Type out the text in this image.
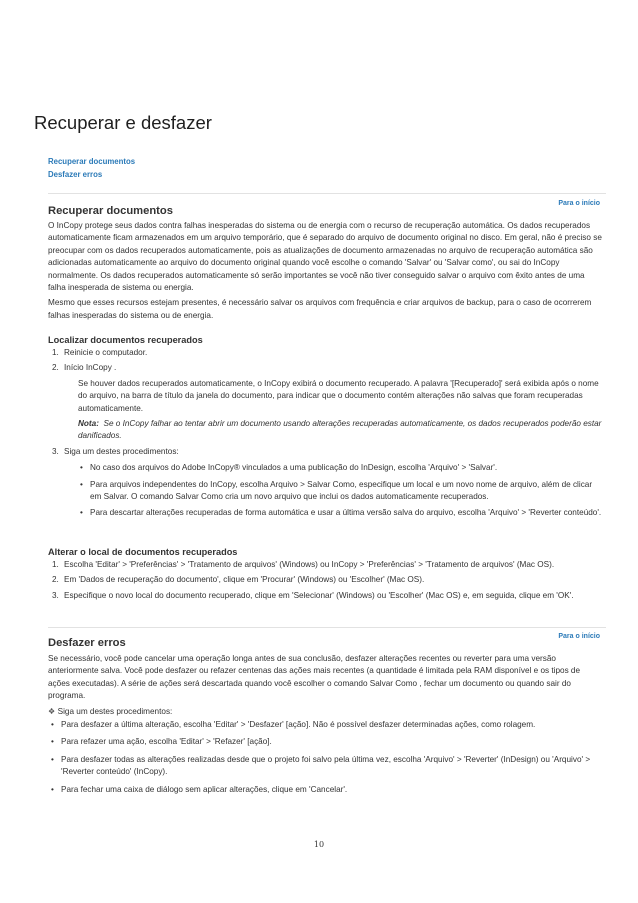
Recuperar e desfazer
Recuperar documentos
Desfazer erros
Para o início
Recuperar documentos

O InCopy protege seus dados contra falhas inesperadas do sistema ou de energia com o recurso de recuperação automática. Os dados recuperados automaticamente ficam armazenados em um arquivo temporário, que é separado do arquivo de documento original no disco. Em geral, não é preciso se preocupar com os dados recuperados automaticamente, pois as atualizações de documento armazenadas no arquivo de recuperação automática são adicionadas automaticamente ao arquivo do documento original quando você escolhe o comando 'Salvar' ou 'Salvar como', ou sai do InCopy normalmente. Os dados recuperados automaticamente só serão importantes se você não tiver conseguido salvar o arquivo com êxito antes de uma falha inesperada de sistema ou energia.

Mesmo que esses recursos estejam presentes, é necessário salvar os arquivos com frequência e criar arquivos de backup, para o caso de ocorrerem falhas inesperadas do sistema ou de energia.

Localizar documentos recuperados
1. Reinicie o computador.
2. Início InCopy .
Se houver dados recuperados automaticamente, o InCopy exibirá o documento recuperado. A palavra '[Recuperado]' será exibida após o nome do arquivo, na barra de título da janela do documento, para indicar que o documento contém alterações não salvas que foram recuperadas automaticamente.
Nota: Se o InCopy falhar ao tentar abrir um documento usando alterações recuperadas automaticamente, os dados recuperados poderão estar danificados.
3. Siga um destes procedimentos:
• No caso dos arquivos do Adobe InCopy® vinculados a uma publicação do InDesign, escolha 'Arquivo' > 'Salvar'.
• Para arquivos independentes do InCopy, escolha Arquivo > Salvar Como, especifique um local e um novo nome de arquivo, além de clicar em Salvar. O comando Salvar Como cria um novo arquivo que inclui os dados automaticamente recuperados.
• Para descartar alterações recuperadas de forma automática e usar a última versão salva do arquivo, escolha 'Arquivo' > 'Reverter conteúdo'.
Alterar o local de documentos recuperados
1. Escolha 'Editar' > 'Preferências' > 'Tratamento de arquivos' (Windows) ou InCopy > 'Preferências' > 'Tratamento de arquivos' (Mac OS).
2. Em 'Dados de recuperação do documento', clique em 'Procurar' (Windows) ou 'Escolher' (Mac OS).
3. Especifique o novo local do documento recuperado, clique em 'Selecionar' (Windows) ou 'Escolher' (Mac OS) e, em seguida, clique em 'OK'.
Para o início
Desfazer erros

Se necessário, você pode cancelar uma operação longa antes de sua conclusão, desfazer alterações recentes ou reverter para uma versão anteriormente salva. Você pode desfazer ou refazer centenas das ações mais recentes (a quantidade é limitada pela RAM disponível e os tipos de ações executadas). A série de ações será descartada quando você escolher o comando Salvar Como , fechar um documento ou quando sair do programa.

❖ Siga um destes procedimentos:

• Para desfazer a última alteração, escolha 'Editar' > 'Desfazer' [ação]. Não é possível desfazer determinadas ações, como rolagem.
• Para refazer uma ação, escolha 'Editar' > 'Refazer' [ação].
• Para desfazer todas as alterações realizadas desde que o projeto foi salvo pela última vez, escolha 'Arquivo' > 'Reverter' (InDesign) ou 'Arquivo' > 'Reverter conteúdo' (InCopy).
• Para fechar uma caixa de diálogo sem aplicar alterações, clique em 'Cancelar'.
10
